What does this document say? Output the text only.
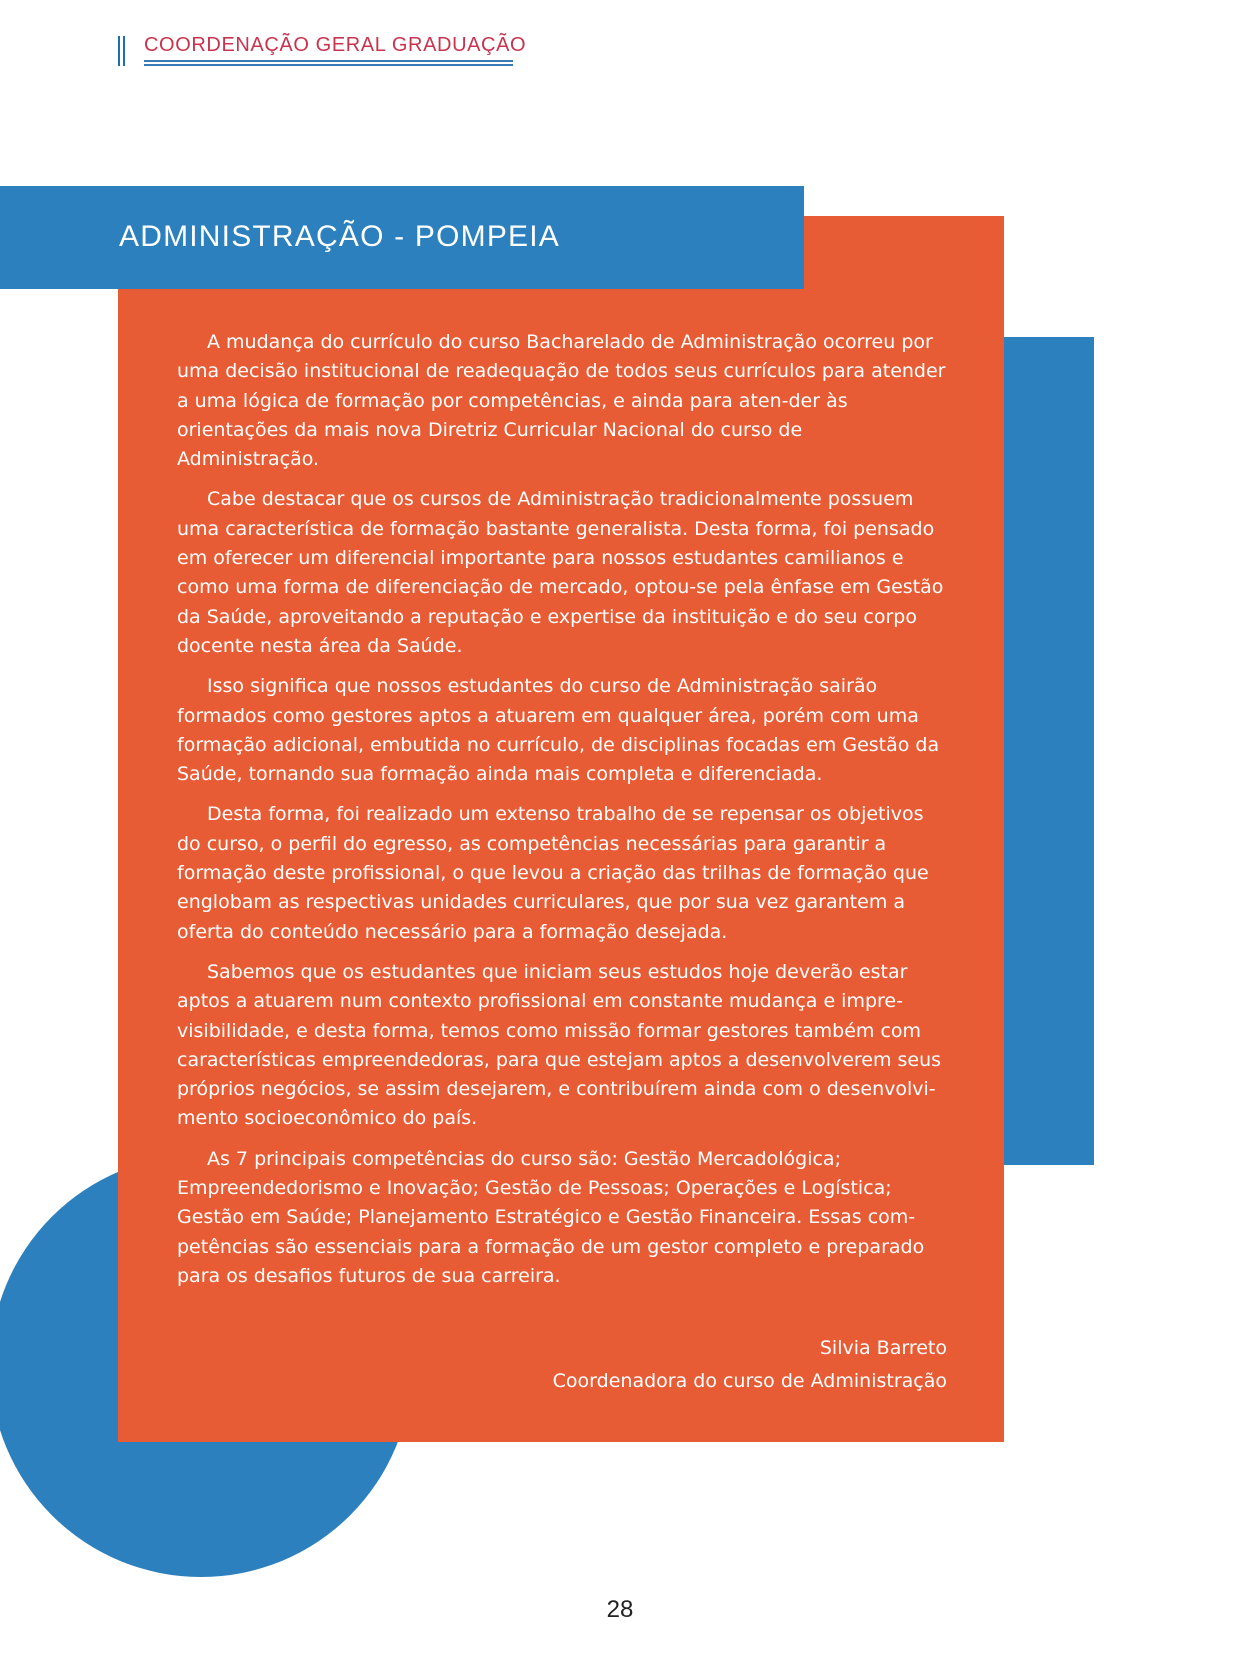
COORDENAÇÃO GERAL GRADUAÇÃO
ADMINISTRAÇÃO - POMPEIA

A mudança do currículo do curso Bacharelado de Administração ocorreu por uma decisão institucional de readequação de todos seus currículos para atender a uma lógica de formação por competências, e ainda para aten-der às orientações da mais nova Diretriz Curricular Nacional do curso de Administração.

Cabe destacar que os cursos de Administração tradicionalmente possuem uma característica de formação bastante generalista. Desta forma, foi pensado em oferecer um diferencial importante para nossos estudantes camilianos e como uma forma de diferenciação de mercado, optou-se pela ênfase em Gestão da Saúde, aproveitando a reputação e expertise da instituição e do seu corpo docente nesta área da Saúde.

Isso significa que nossos estudantes do curso de Administração sairão formados como gestores aptos a atuarem em qualquer área, porém com uma formação adicional, embutida no currículo, de disciplinas focadas em Gestão da Saúde, tornando sua formação ainda mais completa e diferenciada.

Desta forma, foi realizado um extenso trabalho de se repensar os objetivos do curso, o perfil do egresso, as competências necessárias para garantir a formação deste profissional, o que levou a criação das trilhas de formação que englobam as respectivas unidades curriculares, que por sua vez garantem a oferta do conteúdo necessário para a formação desejada.

Sabemos que os estudantes que iniciam seus estudos hoje deverão estar aptos a atuarem num contexto profissional em constante mudança e impre-visibilidade, e desta forma, temos como missão formar gestores também com características empreendedoras, para que estejam aptos a desenvolverem seus próprios negócios, se assim desejarem, e contribuírem ainda com o desenvolvi-mento socioeconômico do país.

As 7 principais competências do curso são: Gestão Mercadológica; Empreendedorismo e Inovação; Gestão de Pessoas; Operações e Logística; Gestão em Saúde; Planejamento Estratégico e Gestão Financeira. Essas com-petências são essenciais para a formação de um gestor completo e preparado para os desafios futuros de sua carreira.

Silvia Barreto
Coordenadora do curso de Administração
28
